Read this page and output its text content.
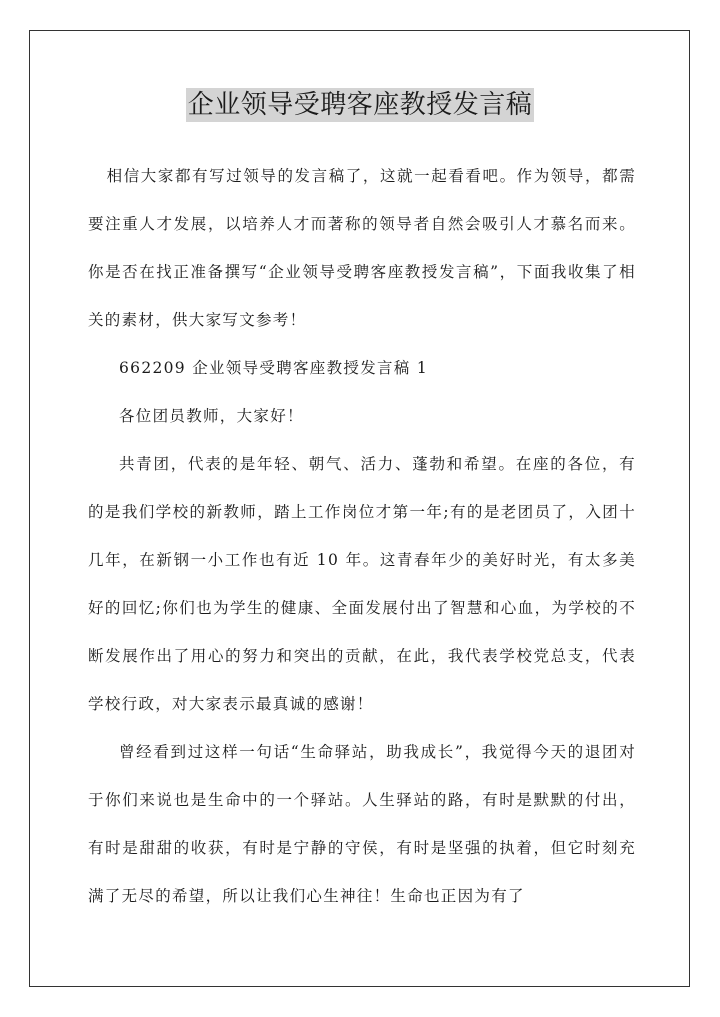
企业领导受聘客座教授发言稿

相信大家都有写过领导的发言稿了，这就一起看看吧。作为领导，都需要注重人才发展，以培养人才而著称的领导者自然会吸引人才慕名而来。你是否在找正准备撰写“企业领导受聘客座教授发言稿”，下面我收集了相关的素材，供大家写文参考！

662209 企业领导受聘客座教授发言稿 1

各位团员教师，大家好！

共青团，代表的是年轻、朝气、活力、蓬勃和希望。在座的各位，有的是我们学校的新教师，踏上工作岗位才第一年;有的是老团员了，入团十几年，在新钢一小工作也有近 10 年。这青春年少的美好时光，有太多美好的回忆;你们也为学生的健康、全面发展付出了智慧和心血，为学校的不断发展作出了用心的努力和突出的贡献，在此，我代表学校党总支，代表学校行政，对大家表示最真诚的感谢！

曾经看到过这样一句话“生命驿站，助我成长”，我觉得今天的退团对于你们来说也是生命中的一个驿站。人生驿站的路，有时是默默的付出，有时是甜甜的收获，有时是宁静的守侯，有时是坚强的执着，但它时刻充满了无尽的希望，所以让我们心生神往！生命也正因为有了
